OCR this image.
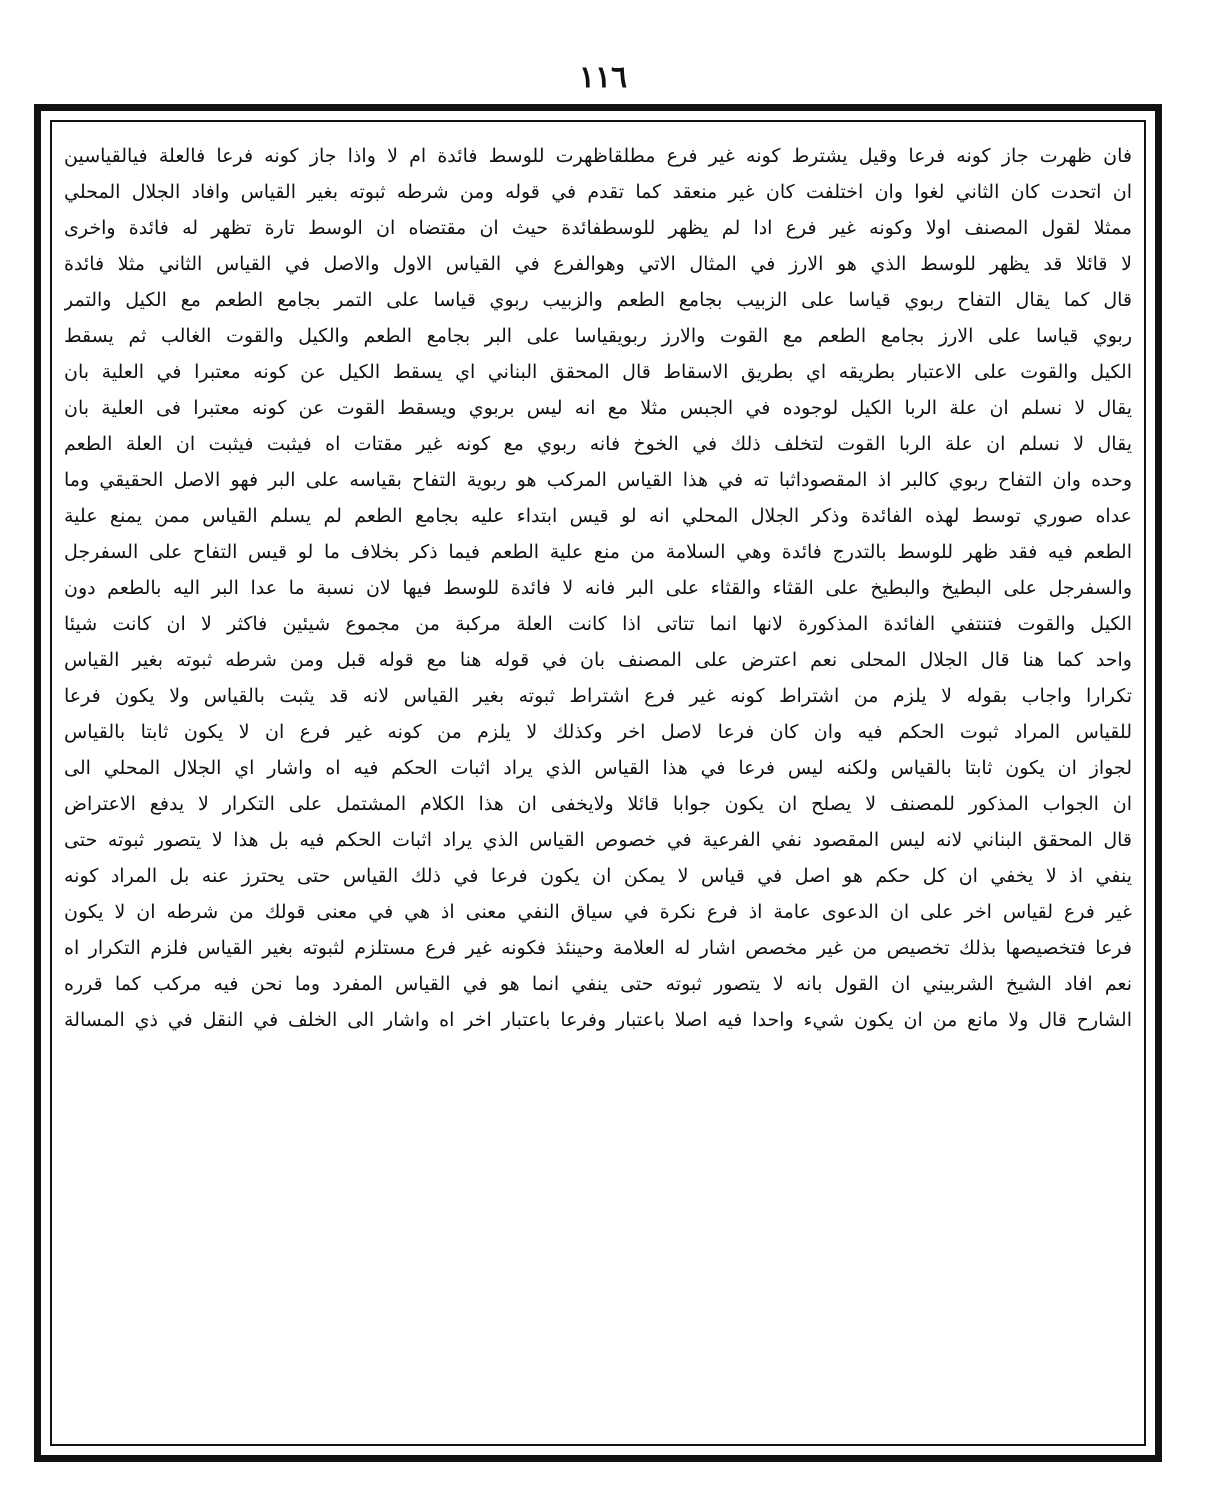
١١٦

فان ظهرت جاز كونه فرعا وقيل يشترط كونه غير فرع مطلقاظهرت للوسط فائدة ام لا واذا جاز كونه فرعا فالعلة فيالقياسين

ان اتحدت كان الثاني لغوا وان اختلفت كان غير منعقد كما تقدم في قوله ومن شرطه ثبوته بغير القياس وافاد الجلال المحلي

ممثلا لقول المصنف اولا وكونه غير فرع ادا لم يظهر للوسطفائدة حيث ان مقتضاه ان الوسط تارة تظهر له فائدة واخرى

لا قائلا قد يظهر للوسط الذي هو الارز في المثال الاتي وهوالفرع في القياس الاول والاصل في القياس الثاني مثلا فائدة

قال كما يقال التفاح ربوي قياسا على الزبيب بجامع الطعم والزبيب ربوي قياسا على التمر بجامع الطعم مع الكيل والتمر

ربوي قياسا على الارز بجامع الطعم مع القوت والارز ربويقياسا على البر بجامع الطعم والكيل والقوت الغالب ثم يسقط

الكيل والقوت على الاعتبار بطريقه اي بطريق الاسقاط قال المحقق البناني اي يسقط الكيل عن كونه معتبرا في العلية بان

يقال لا نسلم ان علة الربا الكيل لوجوده في الجبس مثلا مع انه ليس بربوي ويسقط القوت عن كونه معتبرا فى العلية بان

يقال لا نسلم ان علة الربا القوت لتخلف ذلك في الخوخ فانه ربوي مع كونه غير مقتات اه فيثبت فيثبت ان العلة الطعم

وحده وان التفاح ربوي كالبر اذ المقصوداثبا ته في هذا القياس المركب هو ربوية التفاح بقياسه على البر فهو الاصل الحقيقي وما

عداه صوري توسط لهذه الفائدة وذكر الجلال المحلي انه لو قيس ابتداء عليه بجامع الطعم لم يسلم القياس ممن يمنع علية

الطعم فيه فقد ظهر للوسط بالتدرج فائدة وهي السلامة من منع علية الطعم فيما ذكر بخلاف ما لو قيس التفاح على السفرجل

والسفرجل على البطيخ والبطيخ على القثاء والقثاء على البر فانه لا فائدة للوسط فيها لان نسبة ما عدا البر اليه بالطعم دون

الكيل والقوت فتنتفي الفائدة المذكورة لانها انما تتاتى اذا كانت العلة مركبة من مجموع شيئين فاكثر لا ان كانت شيئا

واحد كما هنا قال الجلال المحلى نعم اعترض على المصنف بان في قوله هنا مع قوله قبل ومن شرطه ثبوته بغير القياس

تكرارا واجاب بقوله لا يلزم من اشتراط كونه غير فرع اشتراط ثبوته بغير القياس لانه قد يثبت بالقياس ولا يكون فرعا

للقياس المراد ثبوت الحكم فيه وان كان فرعا لاصل اخر وكذلك لا يلزم من كونه غير فرع ان لا يكون ثابتا بالقياس

لجواز ان يكون ثابتا بالقياس ولكنه ليس فرعا في هذا القياس الذي يراد اثبات الحكم فيه اه واشار اي الجلال المحلي الى

ان الجواب المذكور للمصنف لا يصلح ان يكون جوابا قائلا ولايخفى ان هذا الكلام المشتمل على التكرار لا يدفع الاعتراض

قال المحقق البناني لانه ليس المقصود نفي الفرعية في خصوص القياس الذي يراد اثبات الحكم فيه بل هذا لا يتصور ثبوته حتى

ينفي اذ لا يخفي ان كل حكم هو اصل في قياس لا يمكن ان يكون فرعا في ذلك القياس حتى يحترز عنه بل المراد كونه

غير فرع لقياس اخر على ان الدعوى عامة اذ فرع نكرة في سياق النفي معنى اذ هي في معنى قولك من شرطه ان لا يكون

فرعا فتخصيصها بذلك تخصيص من غير مخصص اشار له العلامة وحينئذ فكونه غير فرع مستلزم لثبوته بغير القياس فلزم التكرار اه

نعم افاد الشيخ الشربيني ان القول بانه لا يتصور ثبوته حتى ينفي انما هو في القياس المفرد وما نحن فيه مركب كما قرره

الشارح قال ولا مانع من ان يكون شيء واحدا فيه اصلا باعتبار وفرعا باعتبار اخر اه واشار الى الخلف في النقل في ذي المسالة
